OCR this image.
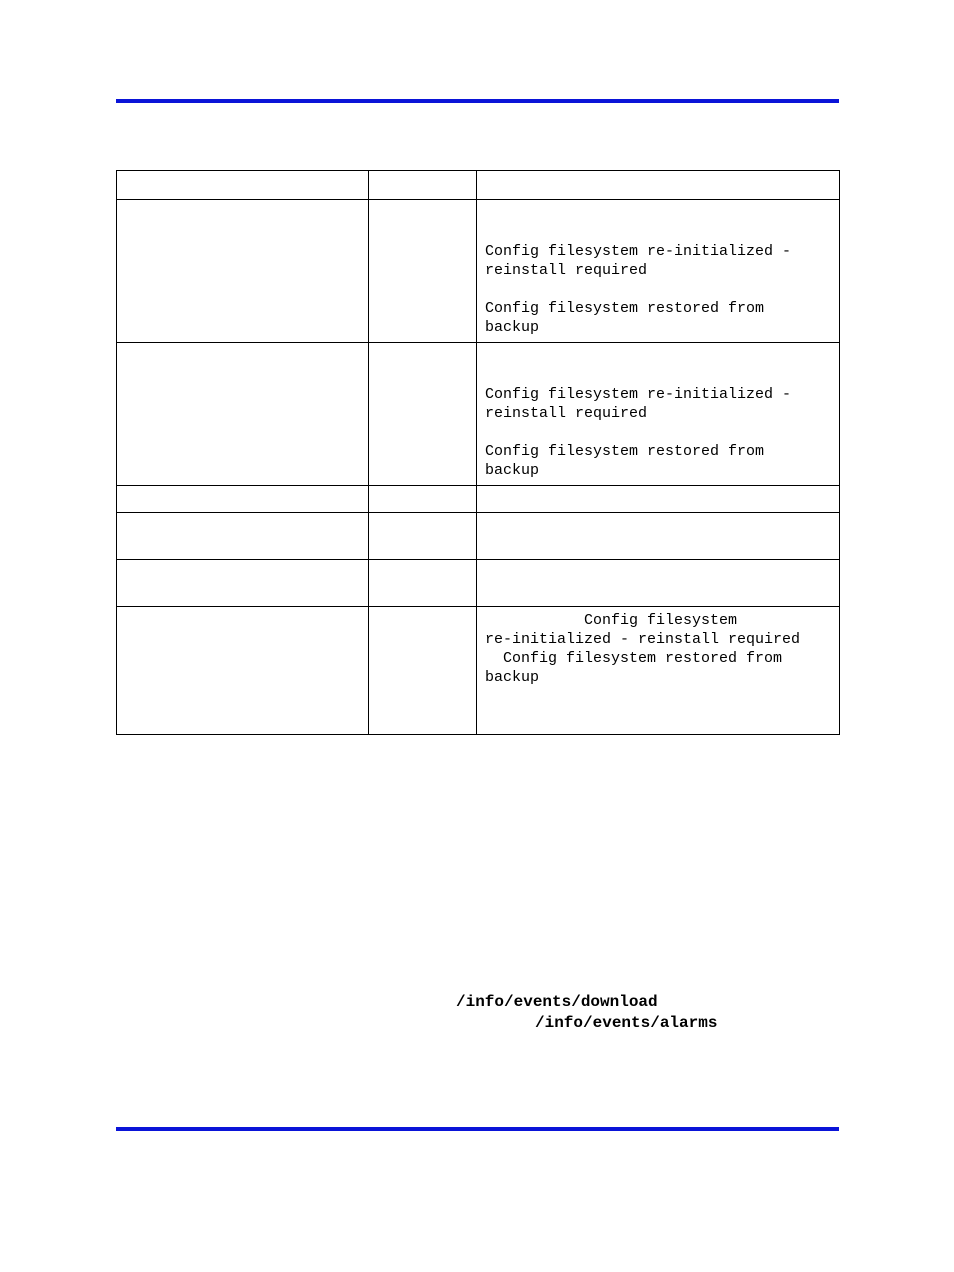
		Config filesystem re-initialized -
reinstall required
Config filesystem restored from
backup

		Config filesystem re-initialized -
reinstall required
Config filesystem restored from
backup

		Config filesystem
re-initialized - reinstall required
Config filesystem restored from
backup
/info/events/download
/info/events/alarms
